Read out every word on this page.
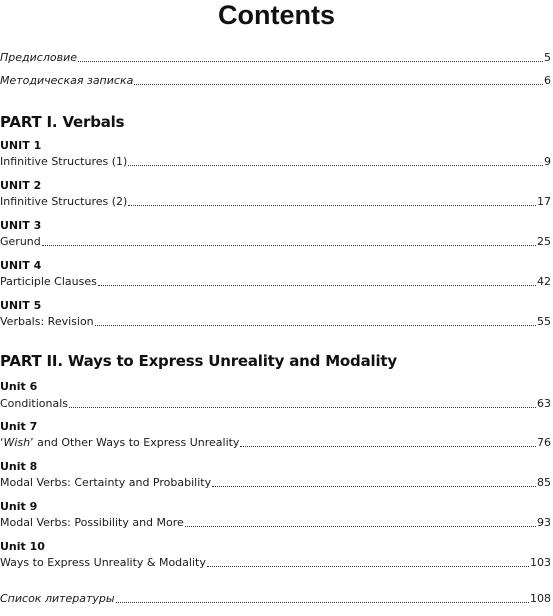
Contents
Предисловие	5
Методическая записка	6
PART I. Verbals
UNIT 1
Infinitive Structures (1)	9
UNIT 2
Infinitive Structures (2)	17
UNIT 3
Gerund	25
UNIT 4
Participle Clauses	42
UNIT 5
Verbals: Revision	55
PART II. Ways to Express Unreality and Modality
Unit 6
Conditionals	63
Unit 7
‘Wish’ and Other Ways to Express Unreality	76
Unit 8
Modal Verbs: Certainty and Probability	85
Unit 9
Modal Verbs: Possibility and More	93
Unit 10
Ways to Express Unreality & Modality	103
Список литературы	108
